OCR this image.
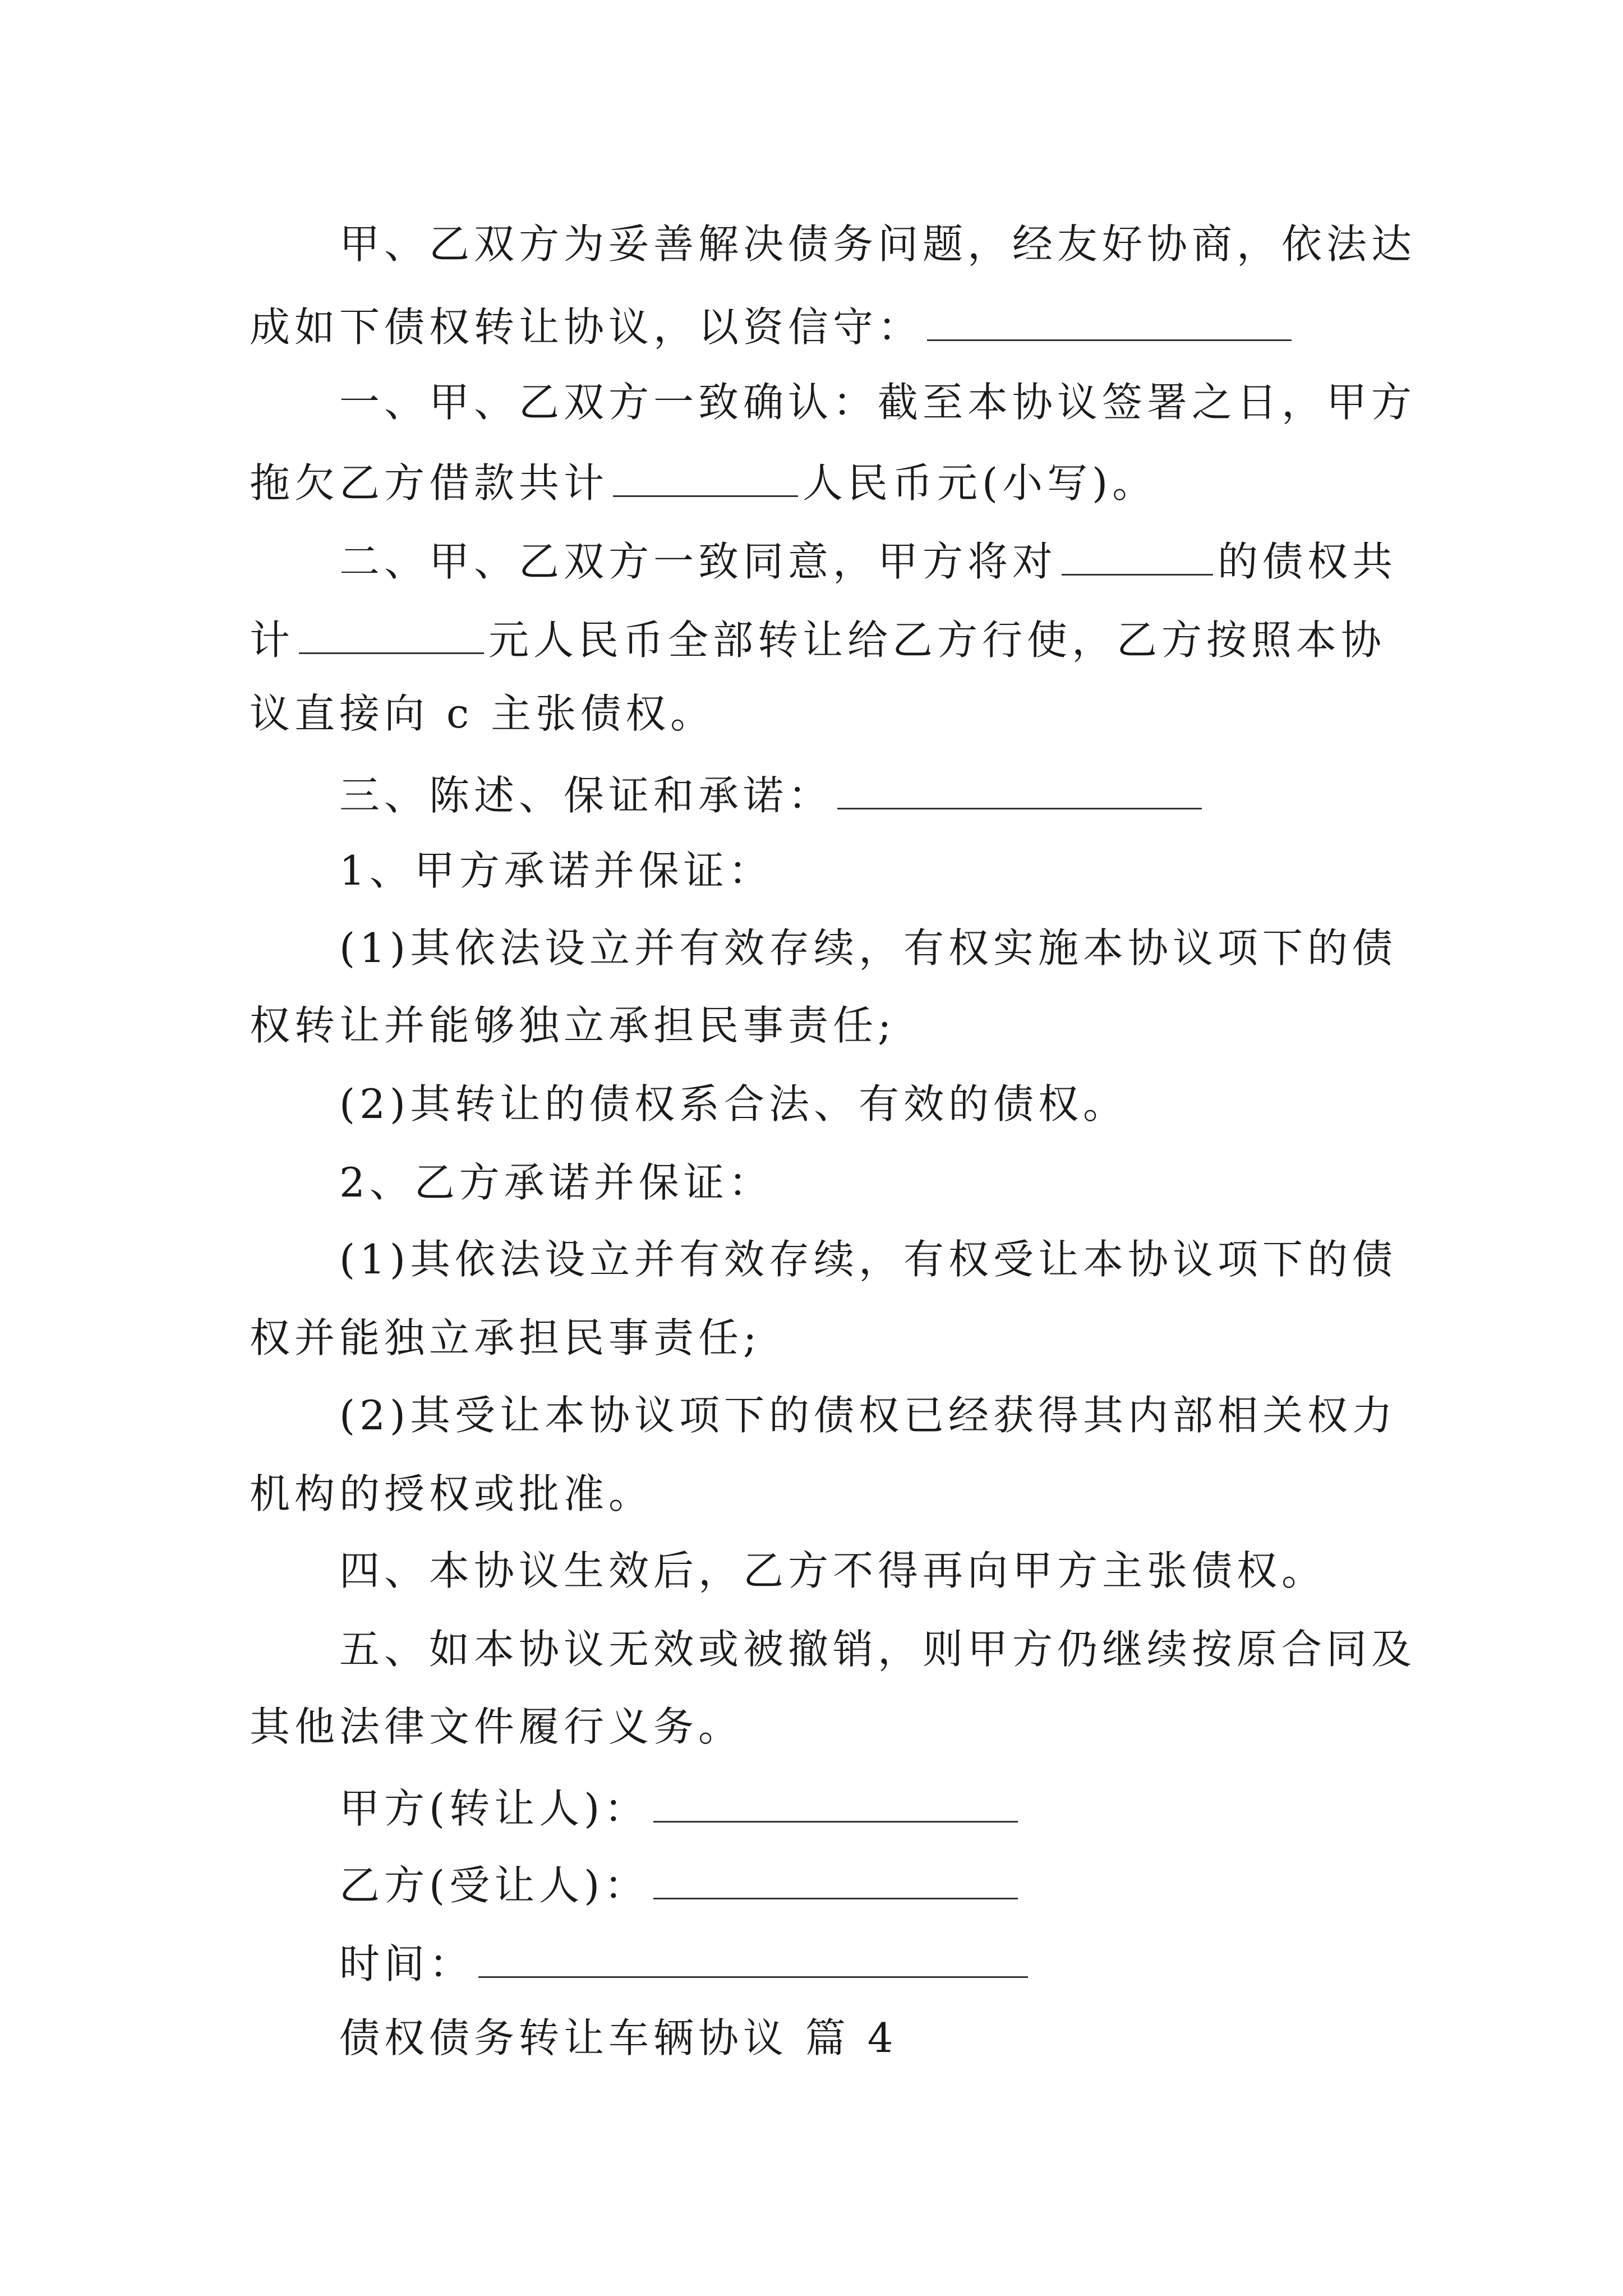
甲、乙双方为妥善解决债务问题，经友好协商，依法达
成如下债权转让协议，以资信守：
一、甲、乙双方一致确认：截至本协议签署之日，甲方
拖欠乙方借款共计	人民币元(小写)。
二、甲、乙双方一致同意，甲方将对	的债权共
计	元人民币全部转让给乙方行使，乙方按照本协
议直接向 c 主张债权。
三、陈述、保证和承诺：
1、甲方承诺并保证：
(1)其依法设立并有效存续，有权实施本协议项下的债
权转让并能够独立承担民事责任;
(2)其转让的债权系合法、有效的债权。
2、乙方承诺并保证：
(1)其依法设立并有效存续，有权受让本协议项下的债
权并能独立承担民事责任;
(2)其受让本协议项下的债权已经获得其内部相关权力
机构的授权或批准。
四、本协议生效后，乙方不得再向甲方主张债权。
五、如本协议无效或被撤销，则甲方仍继续按原合同及
其他法律文件履行义务。
甲方(转让人)：
乙方(受让人)：
时间：
债权债务转让车辆协议 篇 4
